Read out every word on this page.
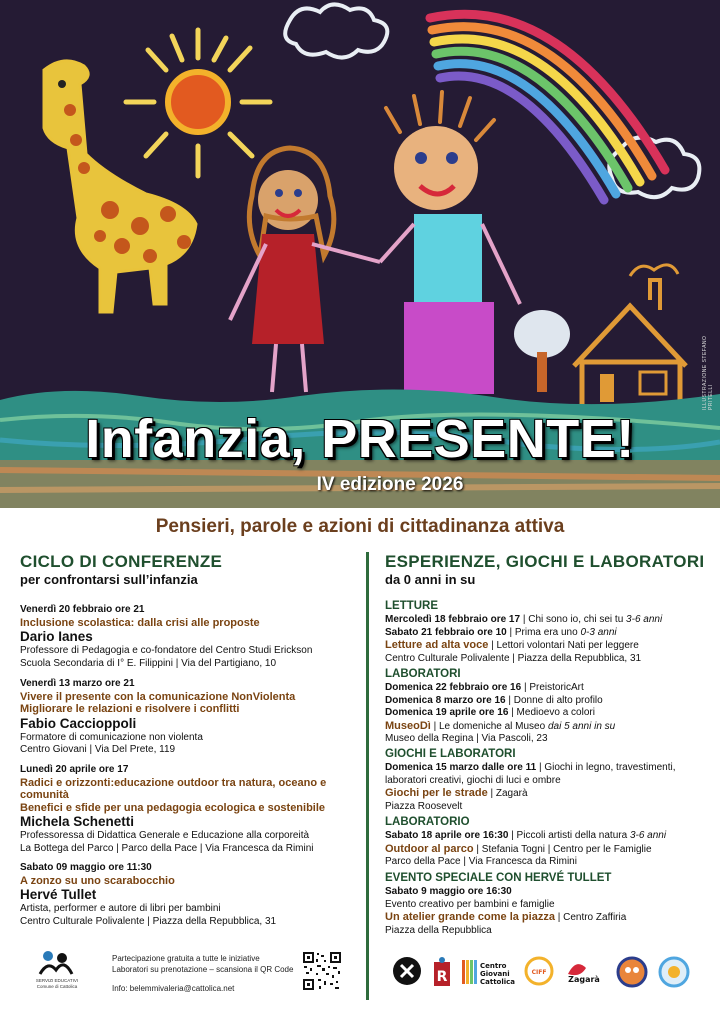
Infanzia, PRESENTE!
IV edizione 2026
ILLUSTRAZIONE STEFANO PRITELLI
Pensieri, parole e azioni di cittadinanza attiva
CICLO DI CONFERENZE
per confrontarsi sull’infanzia
Venerdì 20 febbraio ore 21
Inclusione scolastica: dalla crisi alle proposte
Dario Ianes
Professore di Pedagogia e co-fondatore del Centro Studi Erickson
Scuola Secondaria di I° E. Filippini | Via del Partigiano, 10
Venerdì 13 marzo ore 21
Vivere il presente con la comunicazione NonViolenta
Migliorare le relazioni e risolvere i conflitti
Fabio Caccioppoli
Formatore di comunicazione non violenta
Centro Giovani | Via Del Prete, 119
Lunedì 20 aprile ore 17
Radici e orizzonti:educazione outdoor tra natura, oceano e comunità
Benefici e sfide per una pedagogia ecologica e sostenibile
Michela Schenetti
Professoressa di Didattica Generale e Educazione alla corporeità
La Bottega del Parco | Parco della Pace | Via Francesca da Rimini
Sabato 09 maggio ore 11:30
A zonzo su uno scarabocchio
Hervé Tullet
Artista, performer e autore di libri per bambini
Centro Culturale Polivalente | Piazza della Repubblica, 31
ESPERIENZE, GIOCHI E LABORATORI
da 0 anni in su
LETTURE
Mercoledì 18 febbraio ore 17 | Chi sono io, chi sei tu 3-6 anni
Sabato 21 febbraio ore 10 | Prima era uno 0-3 anni
Letture ad alta voce | Lettori volontari Nati per leggere
Centro Culturale Polivalente | Piazza della Repubblica, 31
LABORATORI
Domenica 22 febbraio ore 16 | PreistoricArt
Domenica 8 marzo ore 16 | Donne di alto profilo
Domenica 19 aprile ore 16 | Medioevo a colori
MuseoDì | Le domeniche al Museo dai 5 anni in su
Museo della Regina | Via Pascoli, 23
GIOCHI E LABORATORI
Domenica 15 marzo dalle ore 11 | Giochi in legno, travestimenti,
laboratori creativi, giochi di luci e ombre
Giochi per le strade | Zagarà
Piazza Roosevelt
LABORATORIO
Sabato 18 aprile ore 16:30 | Piccoli artisti della natura 3-6 anni
Outdoor al parco | Stefania Togni | Centro per le Famiglie
Parco della Pace | Via Francesca da Rimini
EVENTO SPECIALE CON HERVÉ TULLET
Sabato 9 maggio ore 16:30
Evento creativo per bambini e famiglie
Un atelier grande come la piazza | Centro Zaffiria
Piazza della Repubblica
SERVIZI EDUCATIVI Comune di Cattolica
Partecipazione gratuita a tutte le iniziative
Laboratori su prenotazione – scansiona il QR Code
Info: belemmivaleria@cattolica.net
R
Centro
Giovani
Cattolica
CIFF
Zagarà
